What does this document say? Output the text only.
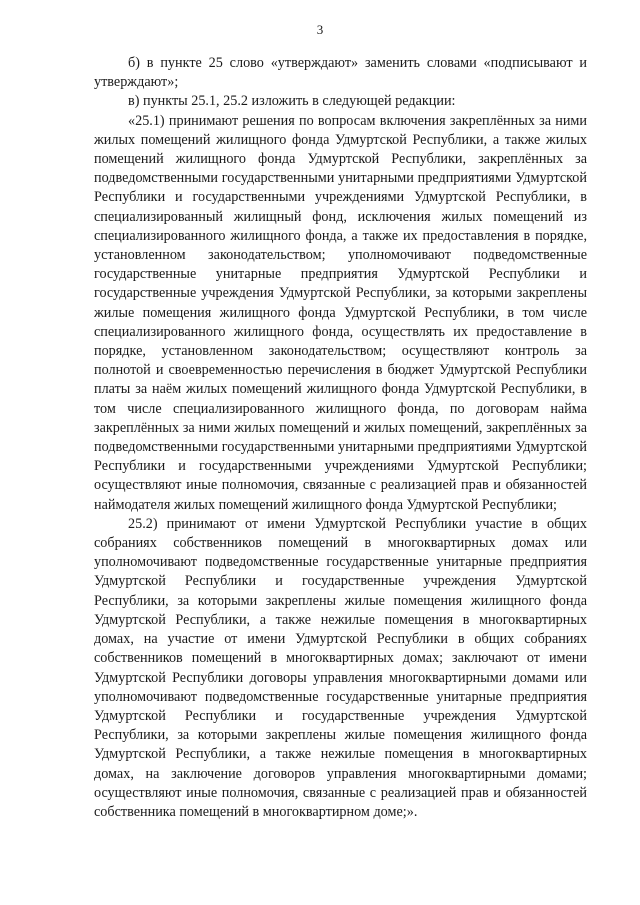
3

б) в пункте 25 слово «утверждают» заменить словами «подписывают и утверждают»;

в) пункты 25.1, 25.2 изложить в следующей редакции:

«25.1) принимают решения по вопросам включения закреплённых за ними жилых помещений жилищного фонда Удмуртской Республики, а также жилых помещений жилищного фонда Удмуртской Республики, закреплённых за подведомственными государственными унитарными предприятиями Удмуртской Республики и государственными учреждениями Удмуртской Республики, в специализированный жилищный фонд, исключения жилых помещений из специализированного жилищного фонда, а также их предоставления в порядке, установленном законодательством; уполномочивают подведомственные государственные унитарные предприятия Удмуртской Республики и государственные учреждения Удмуртской Республики, за которыми закреплены жилые помещения жилищного фонда Удмуртской Республики, в том числе специализированного жилищного фонда, осуществлять их предоставление в порядке, установленном законодательством; осуществляют контроль за полнотой и своевременностью перечисления в бюджет Удмуртской Республики платы за наём жилых помещений жилищного фонда Удмуртской Республики, в том числе специализированного жилищного фонда, по договорам найма закреплённых за ними жилых помещений и жилых помещений, закреплённых за подведомственными государственными унитарными предприятиями Удмуртской Республики и государственными учреждениями Удмуртской Республики; осуществляют иные полномочия, связанные с реализацией прав и обязанностей наймодателя жилых помещений жилищного фонда Удмуртской Республики;

25.2) принимают от имени Удмуртской Республики участие в общих собраниях собственников помещений в многоквартирных домах или уполномочивают подведомственные государственные унитарные предприятия Удмуртской Республики и государственные учреждения Удмуртской Республики, за которыми закреплены жилые помещения жилищного фонда Удмуртской Республики, а также нежилые помещения в многоквартирных домах, на участие от имени Удмуртской Республики в общих собраниях собственников помещений в многоквартирных домах; заключают от имени Удмуртской Республики договоры управления многоквартирными домами или уполномочивают подведомственные государственные унитарные предприятия Удмуртской Республики и государственные учреждения Удмуртской Республики, за которыми закреплены жилые помещения жилищного фонда Удмуртской Республики, а также нежилые помещения в многоквартирных домах, на заключение договоров управления многоквартирными домами; осуществляют иные полномочия, связанные с реализацией прав и обязанностей собственника помещений в многоквартирном доме;».
